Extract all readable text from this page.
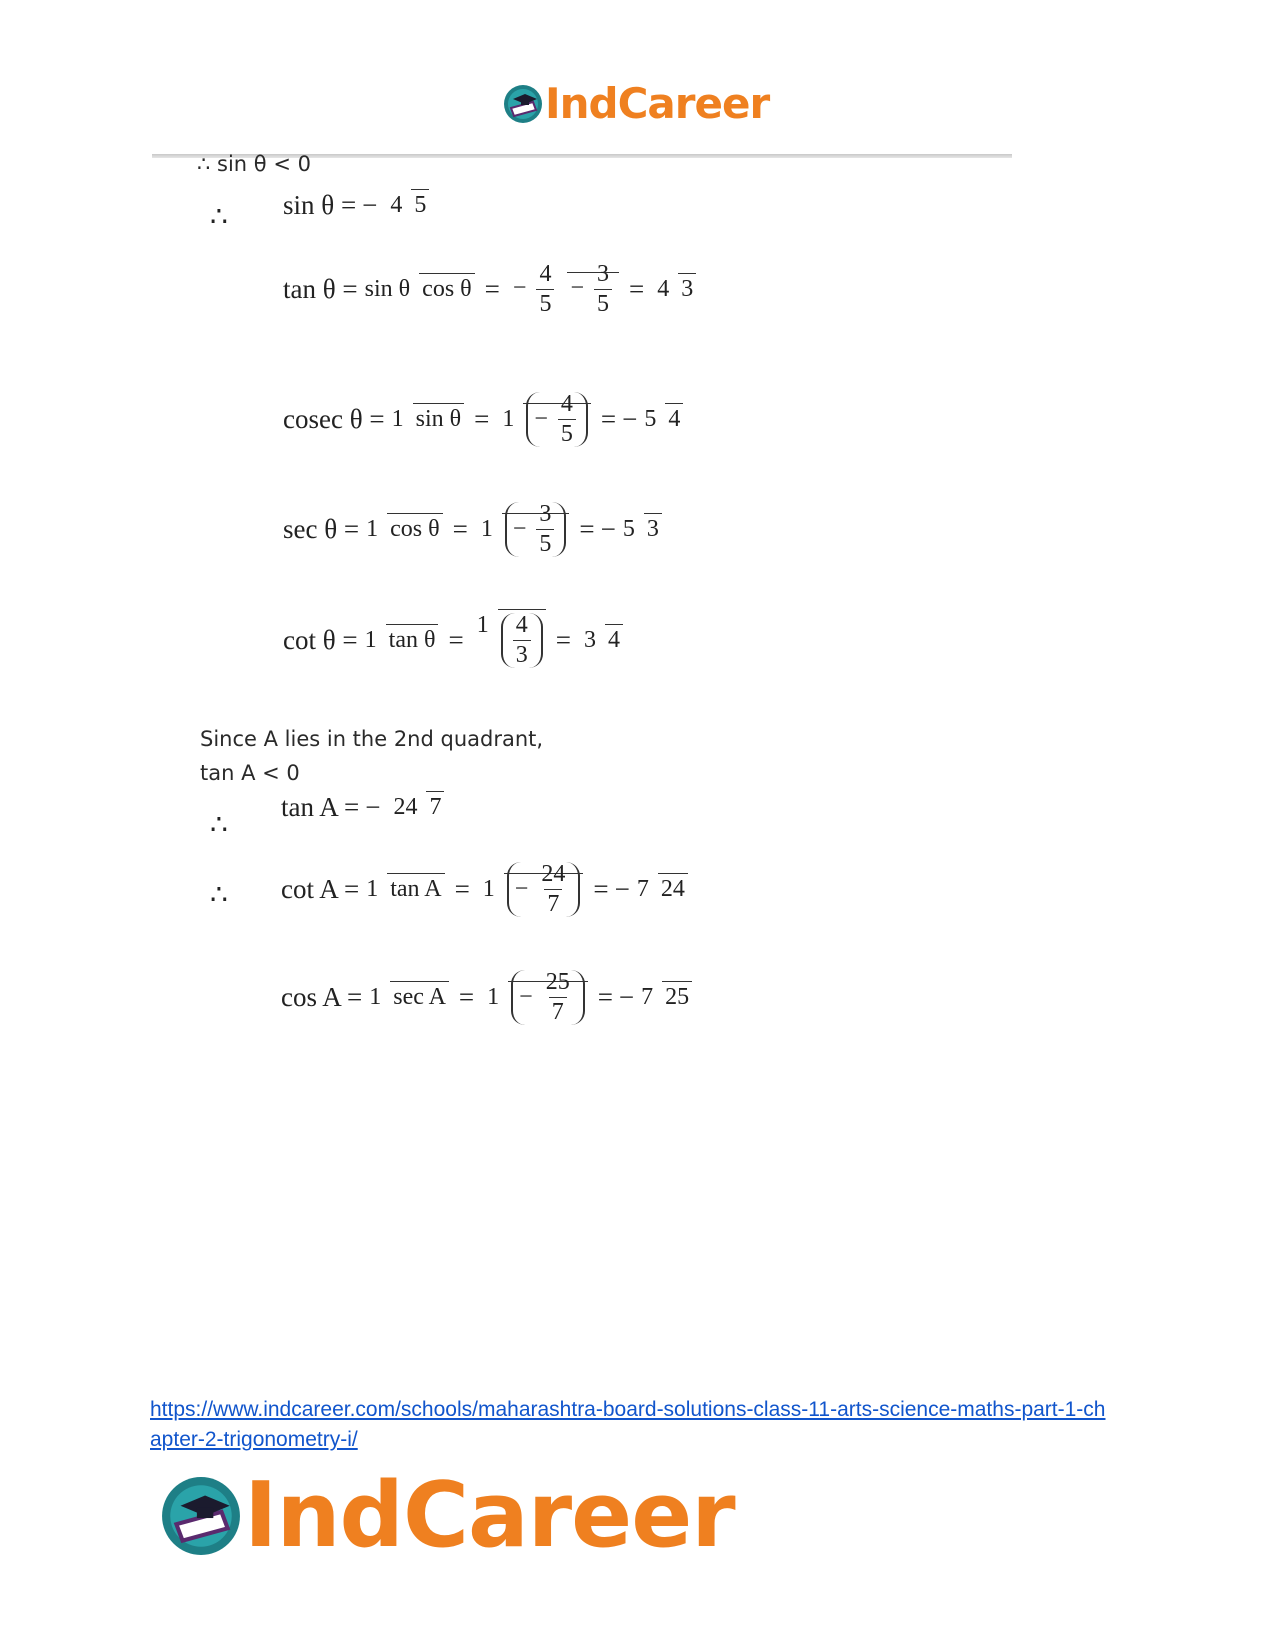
IndCareer
∴ sin θ < 0
∴ sin θ = − 4 5
tan θ = sin θ cos θ = − $\frac{4}{5} - \frac{3}{5} = 4$ 3
cosec θ = 1 sin θ = 1 −
$\frac{4}{5}$ = − 5 4
sec θ = 1 cos θ = 1 −
$\frac{3}{5}$ = − 5 3
cot θ = 1 $\tan \theta = 1 \frac{4}{3} = 3$ 4
Since A lies in the 2nd quadrant,
tan A < 0
∴
tan A = − 24 7
∴ cot A = 1 tan A = 1 −
$\frac{24}{7}$ = − 7 24
cos A = 1 sec A = 1 −
$\frac{25}{7}$ = − 7 25
https://www.indcareer.com/schools/maharashtra-board-solutions-class-11-arts-science-maths-part-1-chapter-2-trigonometry-i/
IndCareer
